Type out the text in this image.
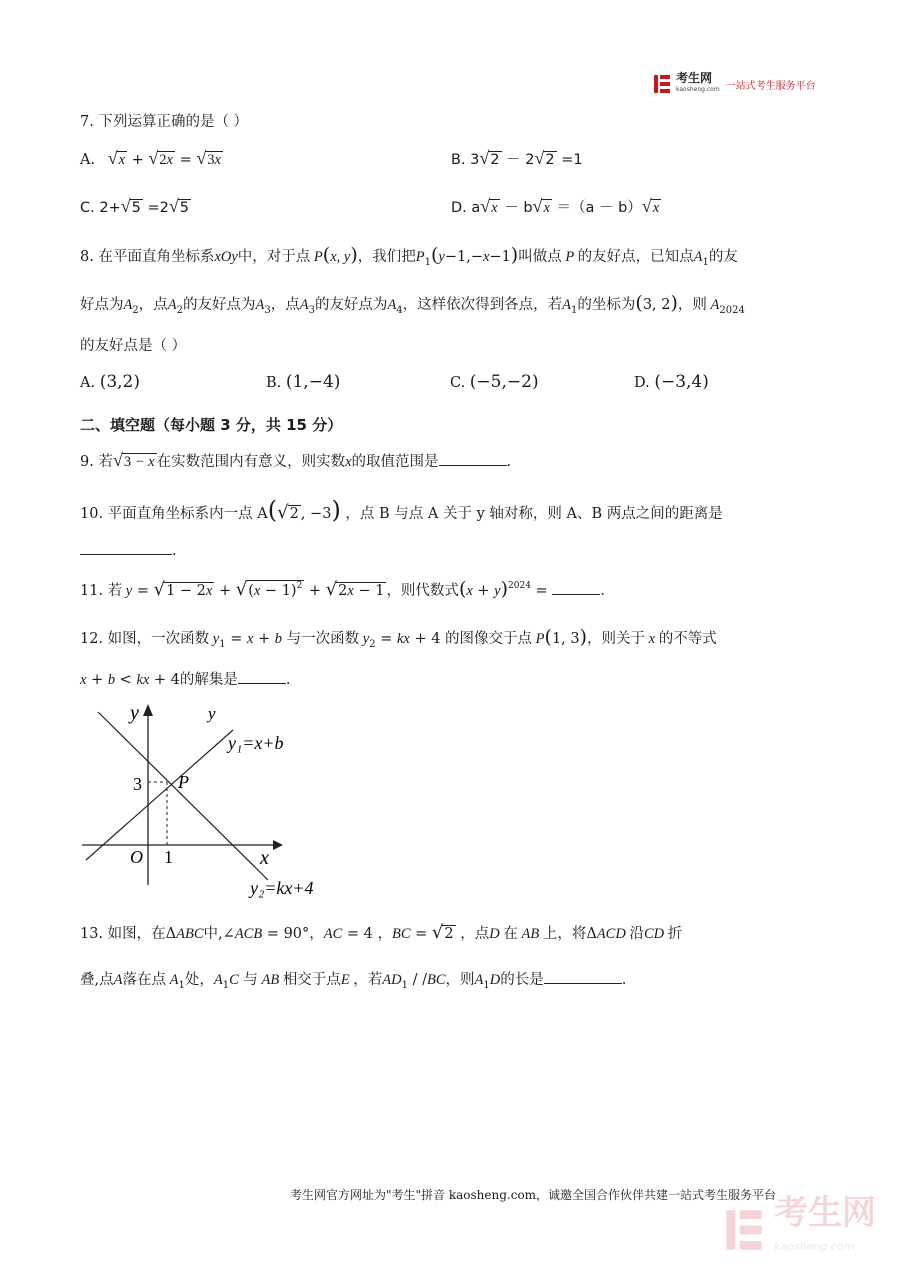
考生网
kaosheng.com 一站式考生服务平台
7. 下列运算正确的是（ ）
A. √x + √2x = √3x	B. 3√2 － 2√2 =1
C. 2+√5 =2√5	D. a√x － b√x ＝（a － b）√x
8. 在平面直角坐标系xOy中，对于点 P(x, y)，我们把$P_1(y-1,-x-1)$叫做点 P 的友好点，已知点$A_1$的友
好点为$A_2$，点$A_2$的友好点为$A_3$，点$A_3$的友好点为$A_4$，这样依次得到各点，若$A_1$的坐标为(3, 2)，则 $A_{2024}$
的友好点是（ ）
A. (3,2)	B. (1,−4)	C. (−5,−2)	D. (−3,4)
二、填空题（每小题 3 分，共 15 分）
9. 若√3 − x 在实数范围内有意义，则实数x的取值范围是	.
10. 平面直角坐标系内一点 A(√2 , −3) ，点 B 与点 A 关于 y 轴对称，则 A、B 两点之间的距离是
.
11. 若 $y = √1 - 2x + √(x - 1)^2 + √2x - 1$ ，则代数式$(x + y)^{2024}$ =	.
12. 如图，一次函数 $y_1 = x + b$ 与一次函数 $y_2$ = kx + 4 的图像交于点 P(1, 3)，则关于 x 的不等式
x + b < kx + 4的解集是	.
y
y
x
O 1
3 P
y₁=x+b
y₂=kx+4
13. 如图，在ΔABC中,∠ACB = 90°，AC = 4 ，BC = √2 ，点D 在 AB 上，将ΔACD 沿CD 折
叠,点A落在点 $A_1$处，$A_1C$ 与 AB 相交于点E ，若$AD_1 / /BC$，则$A_1D$的长是	.
考生网官方网址为"考生"拼音 kaosheng.com，诚邀全国合作伙伴共建一站式考生服务平台
考生网
kaosheng.com
